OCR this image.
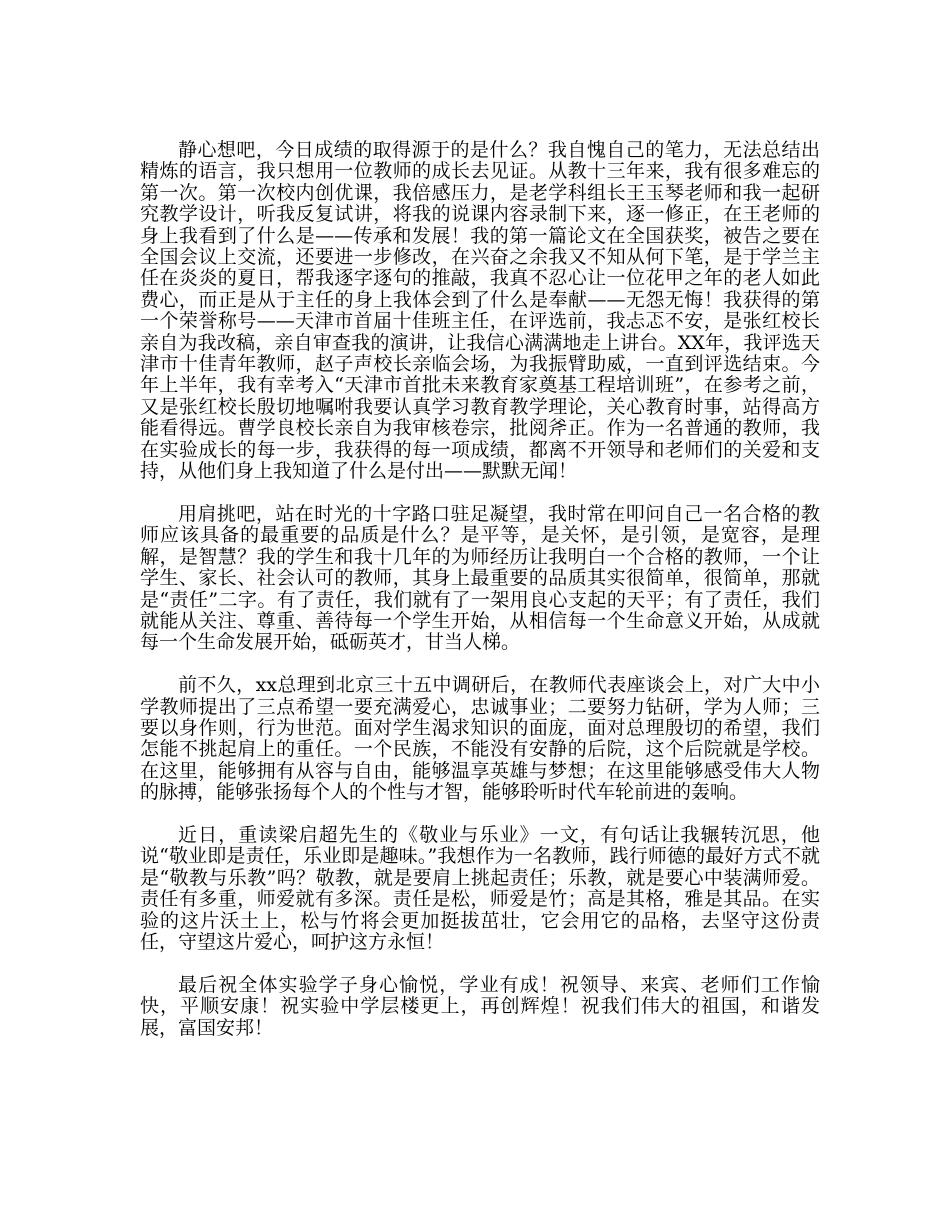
静心想吧，今日成绩的取得源于的是什么？我自愧自己的笔力，无法总结出精炼的语言，我只想用一位教师的成长去见证。从教十三年来，我有很多难忘的第一次。第一次校内创优课，我倍感压力，是老学科组长王玉琴老师和我一起研究教学设计，听我反复试讲，将我的说课内容录制下来，逐一修正，在王老师的身上我看到了什么是——传承和发展！我的第一篇论文在全国获奖，被告之要在全国会议上交流，还要进一步修改，在兴奋之余我又不知从何下笔，是于学兰主任在炎炎的夏日，帮我逐字逐句的推敲，我真不忍心让一位花甲之年的老人如此费心，而正是从于主任的身上我体会到了什么是奉献——无怨无悔！我获得的第一个荣誉称号——天津市首届十佳班主任，在评选前，我忐忑不安，是张红校长亲自为我改稿，亲自审查我的演讲，让我信心满满地走上讲台。XX年，我评选天津市十佳青年教师，赵子声校长亲临会场，为我振臂助威，一直到评选结束。今年上半年，我有幸考入“天津市首批未来教育家奠基工程培训班”，在参考之前，又是张红校长殷切地嘱咐我要认真学习教育教学理论，关心教育时事，站得高方能看得远。曹学良校长亲自为我审核卷宗，批阅斧正。作为一名普通的教师，我在实验成长的每一步，我获得的每一项成绩，都离不开领导和老师们的关爱和支持，从他们身上我知道了什么是付出——默默无闻！

用肩挑吧，站在时光的十字路口驻足凝望，我时常在叩问自己一名合格的教师应该具备的最重要的品质是什么？是平等，是关怀，是引领，是宽容，是理解，是智慧？我的学生和我十几年的为师经历让我明白一个合格的教师，一个让学生、家长、社会认可的教师，其身上最重要的品质其实很简单，很简单，那就是“责任”二字。有了责任，我们就有了一架用良心支起的天平；有了责任，我们就能从关注、尊重、善待每一个学生开始，从相信每一个生命意义开始，从成就每一个生命发展开始，砥砺英才，甘当人梯。

前不久，xx总理到北京三十五中调研后，在教师代表座谈会上，对广大中小学教师提出了三点希望一要充满爱心，忠诚事业；二要努力钻研，学为人师；三要以身作则，行为世范。面对学生渴求知识的面庞，面对总理殷切的希望，我们怎能不挑起肩上的重任。一个民族，不能没有安静的后院，这个后院就是学校。在这里，能够拥有从容与自由，能够温享英雄与梦想；在这里能够感受伟大人物的脉搏，能够张扬每个人的个性与才智，能够聆听时代车轮前进的轰响。

近日，重读梁启超先生的《敬业与乐业》一文，有句话让我辗转沉思，他说“敬业即是责任，乐业即是趣味。”我想作为一名教师，践行师德的最好方式不就是“敬教与乐教”吗？敬教，就是要肩上挑起责任；乐教，就是要心中装满师爱。责任有多重，师爱就有多深。责任是松，师爱是竹；高是其格，雅是其品。在实验的这片沃土上，松与竹将会更加挺拔茁壮，它会用它的品格，去坚守这份责任，守望这片爱心，呵护这方永恒！

最后祝全体实验学子身心愉悦，学业有成！祝领导、来宾、老师们工作愉快，平顺安康！祝实验中学层楼更上，再创辉煌！祝我们伟大的祖国，和谐发展，富国安邦！
